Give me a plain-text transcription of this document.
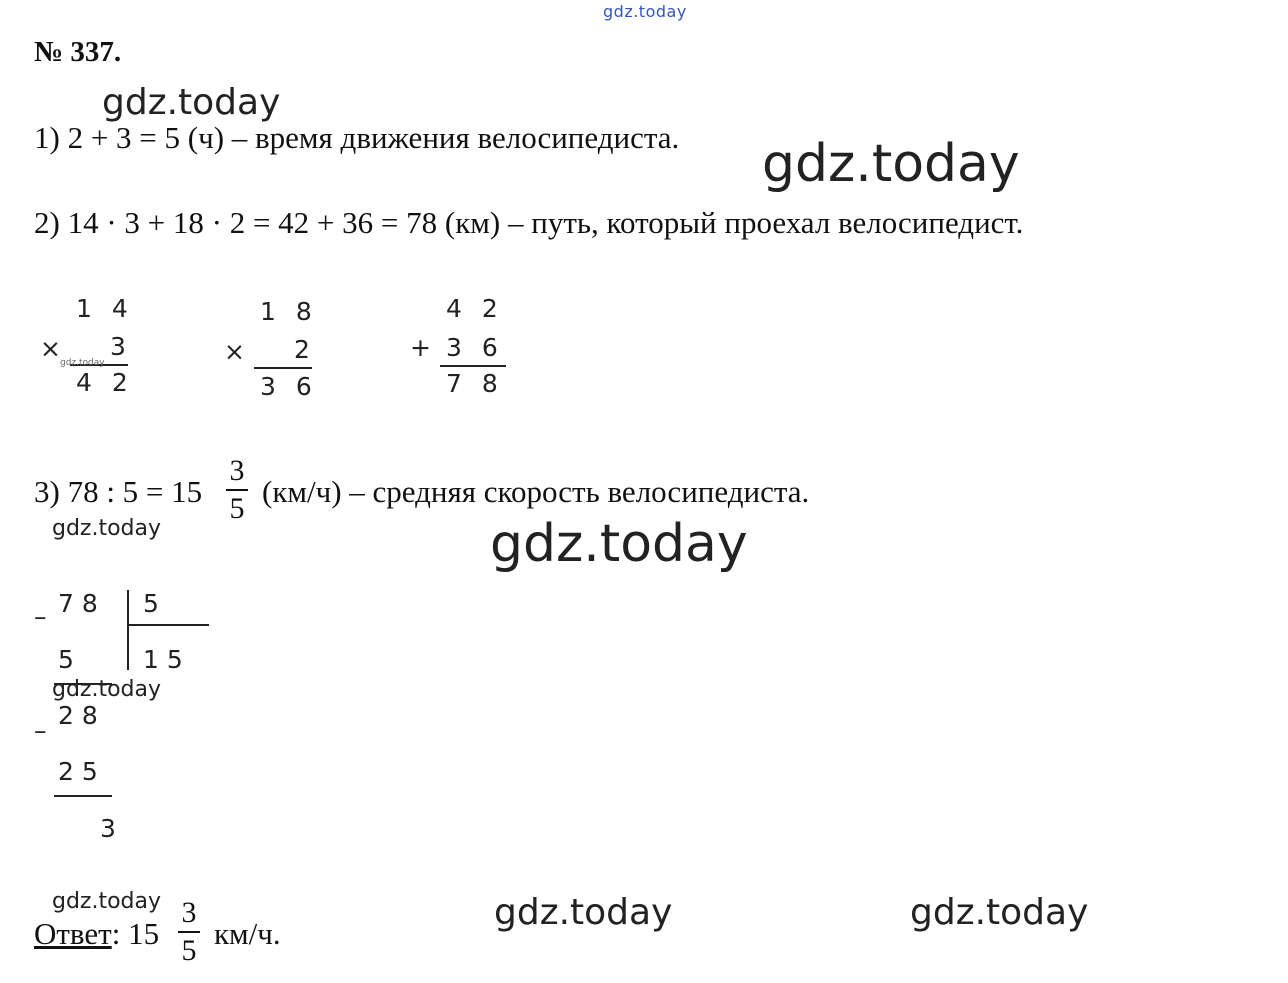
gdz.today
№ 337.
gdz.today
gdz.today
1) 2 + 3 = 5 (ч) – время движения велосипедиста.
2) 14 · 3 + 18 · 2 = 42 + 36 = 78 (км) – путь, который проехал велосипедист.
1 4
× 3
gdz.today
4 2
1 8
× 2
3 6
4 2
+ 3 6
7 8
3) 78 : 5 = 15
3
5 (км/ч) – средняя скорость велосипедиста.
gdz.today	gdz.today
7 8 5
–
5	1 5
gdz.today
2 8
–
2 5
3
gdz.today	gdz.today	gdz.today
Ответ: 15
3
5 км/ч.
